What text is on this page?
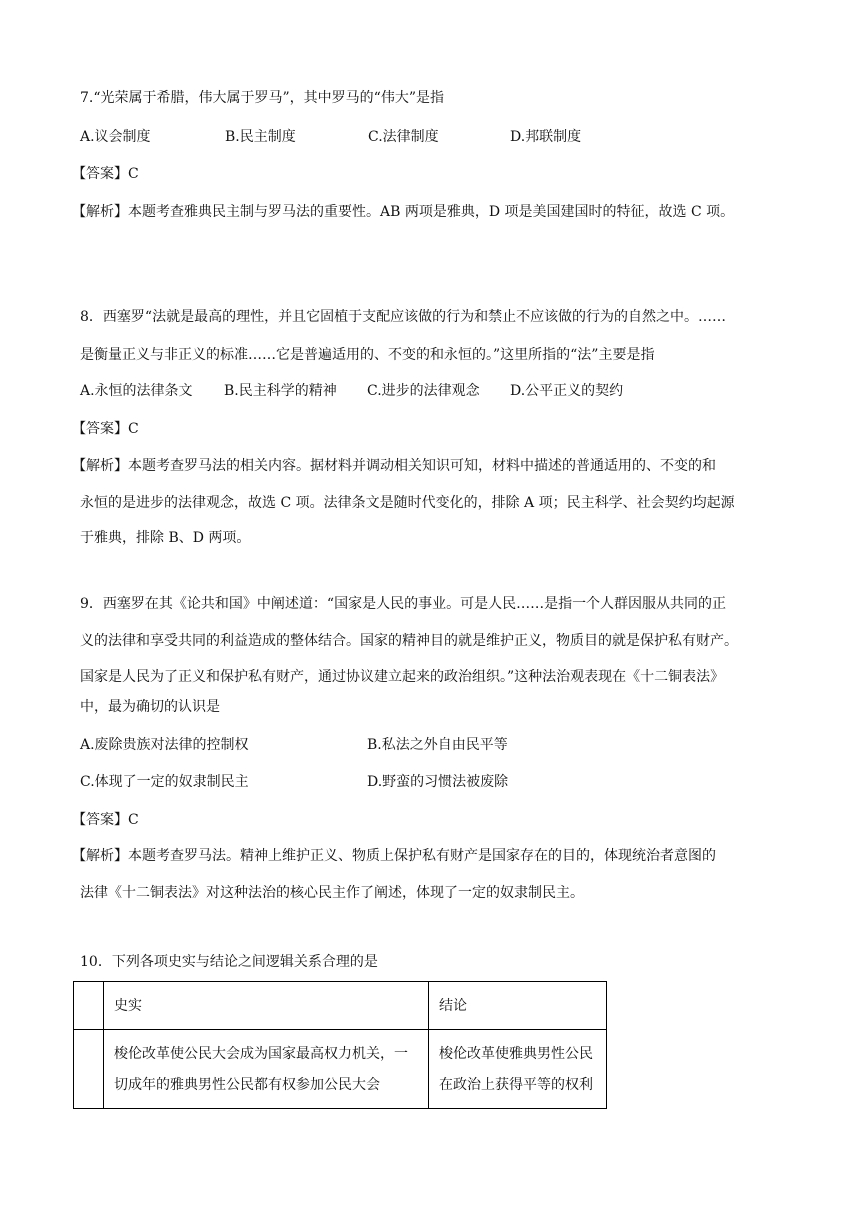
7.“光荣属于希腊，伟大属于罗马”，其中罗马的“伟大”是指
A.议会制度	B.民主制度	C.法律制度	D.邦联制度
【答案】C
【解析】本题考查雅典民主制与罗马法的重要性。AB 两项是雅典，D 项是美国建国时的特征，故选 C 项。
8．西塞罗“法就是最高的理性，并且它固植于支配应该做的行为和禁止不应该做的行为的自然之中。……
是衡量正义与非正义的标准……它是普遍适用的、不变的和永恒的。”这里所指的“法”主要是指
A.永恒的法律条文 B.民主科学的精神 C.进步的法律观念 D.公平正义的契约
【答案】C
【解析】本题考查罗马法的相关内容。据材料并调动相关知识可知，材料中描述的普通适用的、不变的和
永恒的是进步的法律观念，故选 C 项。法律条文是随时代变化的，排除 A 项；民主科学、社会契约均起源
于雅典，排除 B、D 两项。
9．西塞罗在其《论共和国》中阐述道：“国家是人民的事业。可是人民……是指一个人群因服从共同的正
义的法律和享受共同的利益造成的整体结合。国家的精神目的就是维护正义，物质目的就是保护私有财产。
国家是人民为了正义和保护私有财产，通过协议建立起来的政治组织。”这种法治观表现在《十二铜表法》
中，最为确切的认识是
A.废除贵族对法律的控制权	B.私法之外自由民平等
C.体现了一定的奴隶制民主	D.野蛮的习惯法被废除
【答案】C
【解析】本题考查罗马法。精神上维护正义、物质上保护私有财产是国家存在的目的，体现统治者意图的
法律《十二铜表法》对这种法治的核心民主作了阐述，体现了一定的奴隶制民主。
10．下列各项史实与结论之间逻辑关系合理的是
	史实	结论
	梭伦改革使公民大会成为国家最高权力机关，一切成年的雅典男性公民都有权参加公民大会	梭伦改革使雅典男性公民在政治上获得平等的权利
